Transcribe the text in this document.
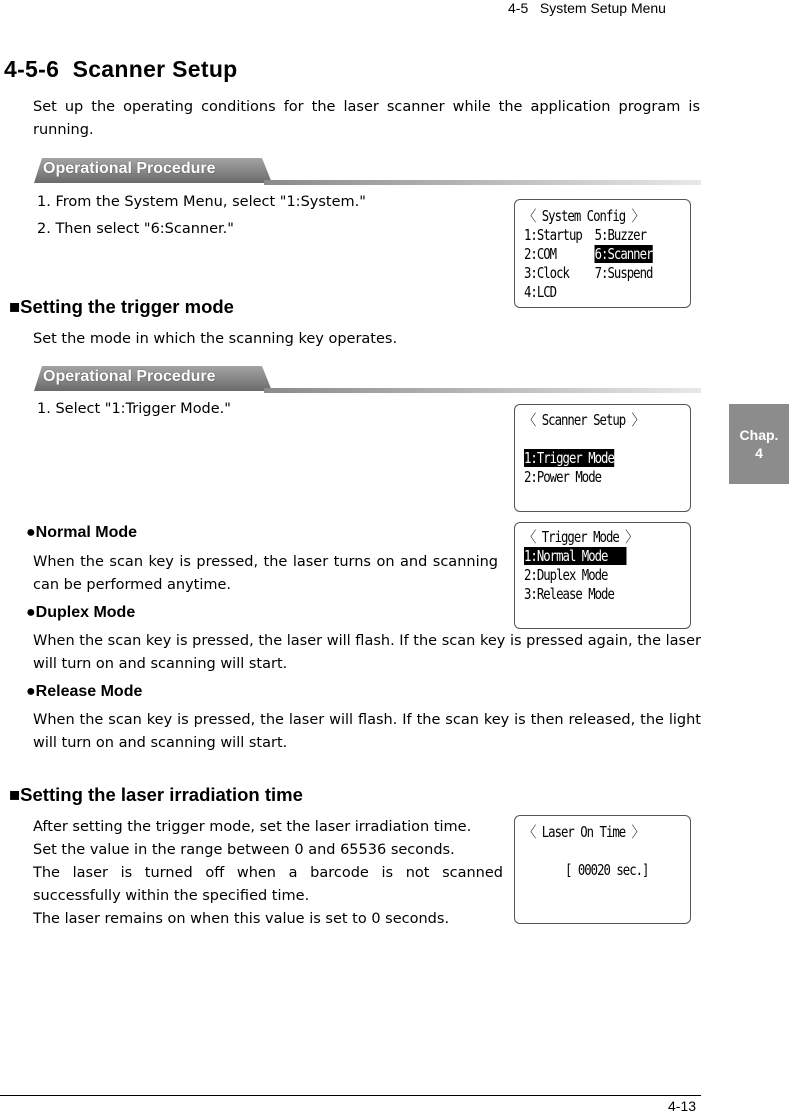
4-5   System Setup Menu
4-5-6  Scanner Setup
Set up the operating conditions for the laser scanner while the application program is running.
Operational Procedure
1. From the System Menu, select "1:System."
2. Then select "6:Scanner."
〈 System Config 〉
1:Startup  5:Buzzer
2:COM      6:Scanner
3:Clock    7:Suspend
4:LCD
■Setting the trigger mode
Set the mode in which the scanning key operates.
Operational Procedure
1. Select "1:Trigger Mode."
〈 Scanner Setup 〉
1:Trigger Mode
2:Power Mode
〈 Trigger Mode 〉
1:Normal Mode
2:Duplex Mode
3:Release Mode
●Normal Mode
When the scan key is pressed, the laser turns on and scanning can be performed anytime.
●Duplex Mode
When the scan key is pressed, the laser will flash. If the scan key is pressed again, the laser will turn on and scanning will start.
●Release Mode
When the scan key is pressed, the laser will flash. If the scan key is then released, the light will turn on and scanning will start.
■Setting the laser irradiation time
After setting the trigger mode, set the laser irradiation time.
Set the value in the range between 0 and 65536 seconds.
The laser is turned off when a barcode is not scanned successfully within the specified time.
The laser remains on when this value is set to 0 seconds.
〈 Laser On Time 〉
[ 00020 sec.]
Chap.
4
4-13
